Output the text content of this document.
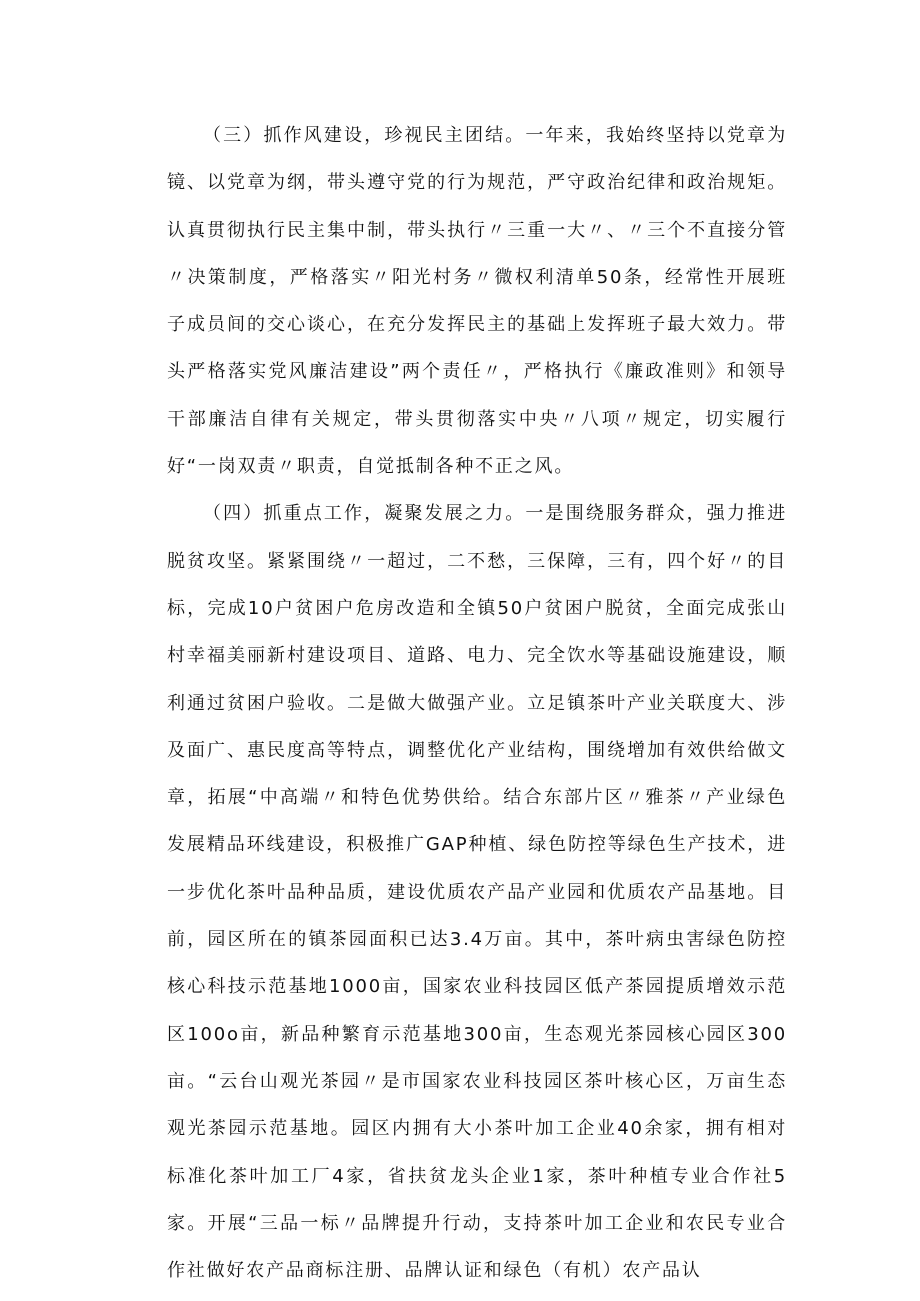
（三）抓作风建设，珍视民主团结。一年来，我始终坚持以党章为镜、以党章为纲，带头遵守党的行为规范，严守政治纪律和政治规矩。认真贯彻执行民主集中制，带头执行〃三重一大〃、〃三个不直接分管〃决策制度，严格落实〃阳光村务〃微权利清单50条，经常性开展班子成员间的交心谈心，在充分发挥民主的基础上发挥班子最大效力。带头严格落实党风廉洁建设”两个责任〃，严格执行《廉政准则》和领导干部廉洁自律有关规定，带头贯彻落实中央〃八项〃规定，切实履行好“一岗双责〃职责，自觉抵制各种不正之风。

（四）抓重点工作，凝聚发展之力。一是围绕服务群众，强力推进脱贫攻坚。紧紧围绕〃一超过，二不愁，三保障，三有，四个好〃的目标，完成10户贫困户危房改造和全镇50户贫困户脱贫，全面完成张山村幸福美丽新村建设项目、道路、电力、完全饮水等基础设施建设，顺利通过贫困户验收。二是做大做强产业。立足镇茶叶产业关联度大、涉及面广、惠民度高等特点，调整优化产业结构，围绕增加有效供给做文章，拓展“中高端〃和特色优势供给。结合东部片区〃雅茶〃产业绿色发展精品环线建设，积极推广GAP种植、绿色防控等绿色生产技术，进一步优化茶叶品种品质，建设优质农产品产业园和优质农产品基地。目前，园区所在的镇茶园面积已达3.4万亩。其中，茶叶病虫害绿色防控核心科技示范基地1000亩，国家农业科技园区低产茶园提质增效示范区100o亩，新品种繁育示范基地300亩，生态观光茶园核心园区300亩。“云台山观光茶园〃是市国家农业科技园区茶叶核心区，万亩生态观光茶园示范基地。园区内拥有大小茶叶加工企业40余家，拥有相对标准化茶叶加工厂4家，省扶贫龙头企业1家，茶叶种植专业合作社5家。开展“三品一标〃品牌提升行动，支持茶叶加工企业和农民专业合作社做好农产品商标注册、品牌认证和绿色（有机）农产品认
